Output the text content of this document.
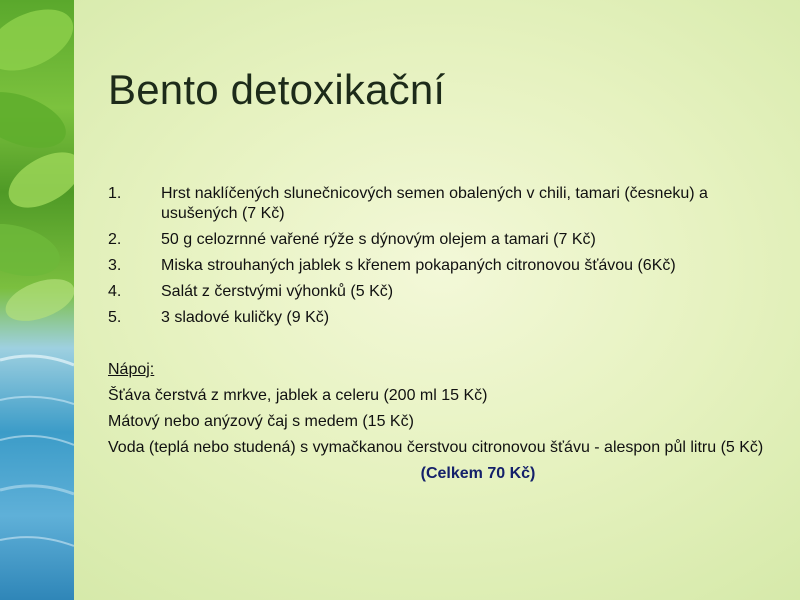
Bento detoxikační
1. Hrst naklíčených slunečnicových semen obalených v chili, tamari (česneku) a usušených (7 Kč)
2. 50 g celozrnné vařené rýže s dýnovým olejem a tamari (7 Kč)
3. Miska strouhaných jablek s křenem pokapaných citronovou šťávou (6Kč)
4. Salát z čerstvými výhonků (5 Kč)
5. 3 sladové kuličky (9 Kč)
Nápoj:
Šťáva čerstvá z mrkve, jablek a celeru (200 ml 15 Kč)
Mátový nebo anýzový čaj s medem (15 Kč)
Voda (teplá nebo studená) s vymačkanou čerstvou citronovou šťávu - alespon půl litru (5 Kč)
(Celkem 70 Kč)
